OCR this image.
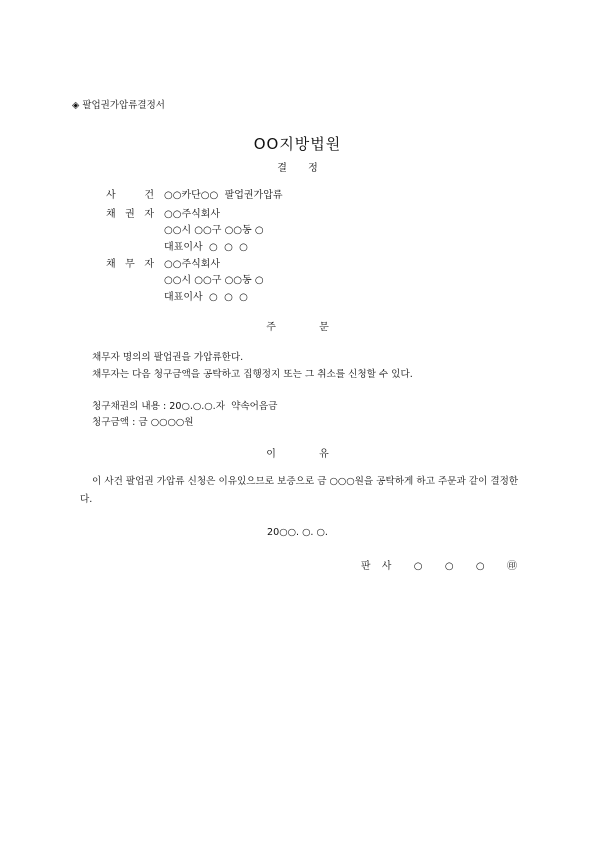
◈ 팔업권가압류결정서
OO지방법원
결 정
사 건 ○○카단○○  팔업권가압류
채 권 자 ○○주식회사
○○시 ○○구 ○○동 ○
대표이사  ○  ○  ○
채 무 자 ○○주식회사
○○시 ○○구 ○○동 ○
대표이사  ○  ○  ○
주 문
채무자 명의의 팔업권을 가압류한다.
채무자는 다음 청구금액을 공탁하고 집행정지 또는 그 취소를 신청할 수 있다.
청구채권의 내용 : 20○.○.○.자  약속어음금
청구금액 : 금 ○○○○원
이 유
이 사건 팔업권 가압류 신청은 이유있으므로 보증으로 금 ○○○원을 공탁하게 하고 주문과 같이 결정한다.
20○○. ○. ○.
판 사  ○  ○  ○  ㊞
